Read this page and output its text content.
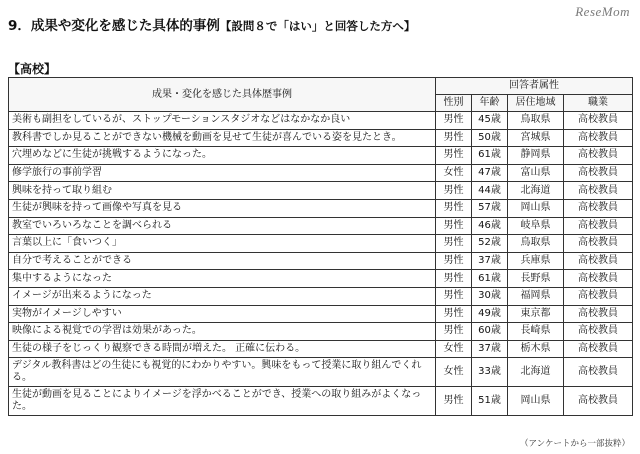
9．成果や変化を感じた具体的事例【設問８で「はい」と回答した方へ】
ReseMom
【高校】
成果・変化を感じた具体歴事例	回答者属性			
	性別	年齢	居住地域	職業
美術も副担をしているが、ストップモーションスタジオなどはなかなか良い	男性	45歳	鳥取県	高校教員
教科書でしか見ることができない機械を動画を見せて生徒が喜んでいる姿を見たとき。	男性	50歳	宮城県	高校教員
穴埋めなどに生徒が挑戦するようになった。	男性	61歳	静岡県	高校教員
修学旅行の事前学習	女性	47歳	富山県	高校教員
興味を持って取り組む	男性	44歳	北海道	高校教員
生徒が興味を持って画像や写真を見る	男性	57歳	岡山県	高校教員
教室でいろいろなことを調べられる	男性	46歳	岐阜県	高校教員
言葉以上に「食いつく」	男性	52歳	鳥取県	高校教員
自分で考えることができる	男性	37歳	兵庫県	高校教員
集中するようになった	男性	61歳	長野県	高校教員
イメージが出来るようになった	男性	30歳	福岡県	高校教員
実物がイメージしやすい	男性	49歳	東京都	高校教員
映像による視覚での学習は効果があった。	男性	60歳	長崎県	高校教員
生徒の様子をじっくり観察できる時間が増えた。 正確に伝わる。	女性	37歳	栃木県	高校教員
デジタル教科書はどの生徒にも視覚的にわかりやすい。興味をもって授業に取り組んでくれる。	女性	33歳	北海道	高校教員
生徒が動画を見ることによりイメージを浮かべることができ、授業への取り組みがよくなった。	男性	51歳	岡山県	高校教員
（アンケートから一部抜粋）
